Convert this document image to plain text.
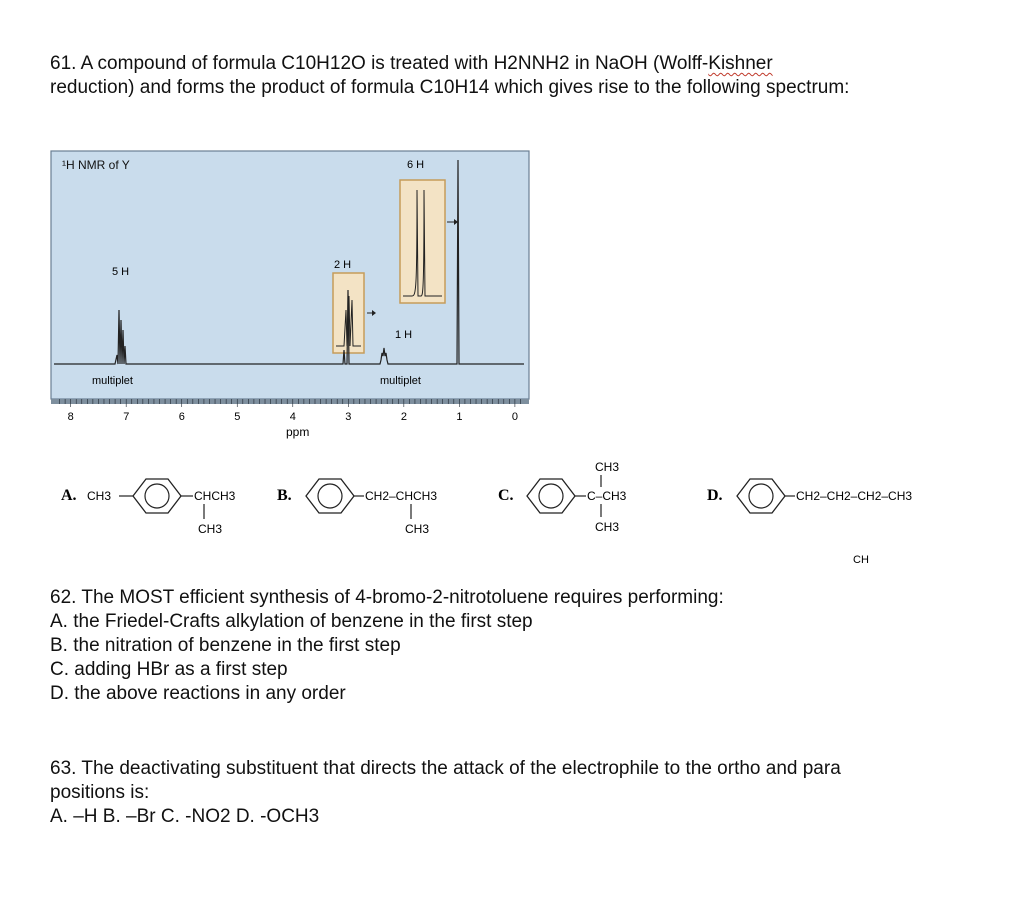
61. A compound of formula C10H12O is treated with H2NNH2 in NaOH (Wolff-Kishner

reduction) and forms the product of formula C10H14 which gives rise to the following spectrum:

¹H NMR of Y
5 H
2 H
1 H
6 H
multiplet	multiplet
8	7	6	5	4	3	2	1	0
ppm
A. CH3	CHCH3
CH3
B.	CH2–CHCH3
CH3
C.
CH3
C–CH3
CH3
D.	CH2–CH2–CH2–CH3
CH

62. The MOST efficient synthesis of 4-bromo-2-nitrotoluene requires performing:

A. the Friedel-Crafts alkylation of benzene in the first step

B. the nitration of benzene in the first step

C. adding HBr as a first step

D. the above reactions in any order

63. The deactivating substituent that directs the attack of the electrophile to the ortho and para

positions is:

A. –H B. –Br C. -NO2 D. -OCH3
